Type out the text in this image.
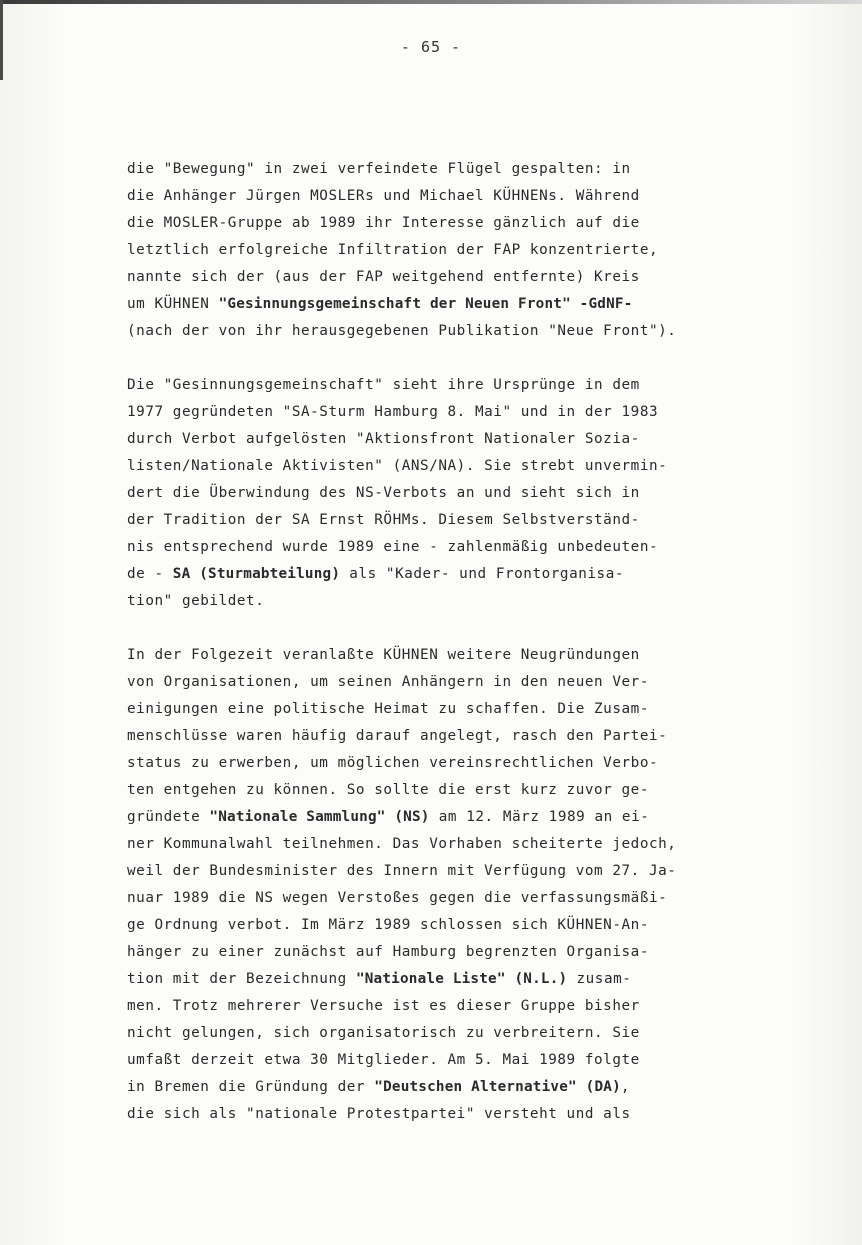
- 65 -
die "Bewegung" in zwei verfeindete Flügel gespalten: in
die Anhänger Jürgen MOSLERs und Michael KÜHNENs. Während
die MOSLER-Gruppe ab 1989 ihr Interesse gänzlich auf die
letztlich erfolgreiche Infiltration der FAP konzentrierte,
nannte sich der (aus der FAP weitgehend entfernte) Kreis
um KÜHNEN "Gesinnungsgemeinschaft der Neuen Front" -GdNF-
(nach der von ihr herausgegebenen Publikation "Neue Front").
Die "Gesinnungsgemeinschaft" sieht ihre Ursprünge in dem
1977 gegründeten "SA-Sturm Hamburg 8. Mai" und in der 1983
durch Verbot aufgelösten "Aktionsfront Nationaler Sozia-
listen/Nationale Aktivisten" (ANS/NA). Sie strebt unvermin-
dert die Überwindung des NS-Verbots an und sieht sich in
der Tradition der SA Ernst RÖHMs. Diesem Selbstverständ-
nis entsprechend wurde 1989 eine - zahlenmäßig unbedeuten-
de - SA (Sturmabteilung) als "Kader- und Frontorganisa-
tion" gebildet.
In der Folgezeit veranlaßte KÜHNEN weitere Neugründungen
von Organisationen, um seinen Anhängern in den neuen Ver-
einigungen eine politische Heimat zu schaffen. Die Zusam-
menschlüsse waren häufig darauf angelegt, rasch den Partei-
status zu erwerben, um möglichen vereinsrechtlichen Verbo-
ten entgehen zu können. So sollte die erst kurz zuvor ge-
gründete "Nationale Sammlung" (NS) am 12. März 1989 an ei-
ner Kommunalwahl teilnehmen. Das Vorhaben scheiterte jedoch,
weil der Bundesminister des Innern mit Verfügung vom 27. Ja-
nuar 1989 die NS wegen Verstoßes gegen die verfassungsmäßi-
ge Ordnung verbot. Im März 1989 schlossen sich KÜHNEN-An-
hänger zu einer zunächst auf Hamburg begrenzten Organisa-
tion mit der Bezeichnung "Nationale Liste" (N.L.) zusam-
men. Trotz mehrerer Versuche ist es dieser Gruppe bisher
nicht gelungen, sich organisatorisch zu verbreitern. Sie
umfaßt derzeit etwa 30 Mitglieder. Am 5. Mai 1989 folgte
in Bremen die Gründung der "Deutschen Alternative" (DA),
die sich als "nationale Protestpartei" versteht und als
